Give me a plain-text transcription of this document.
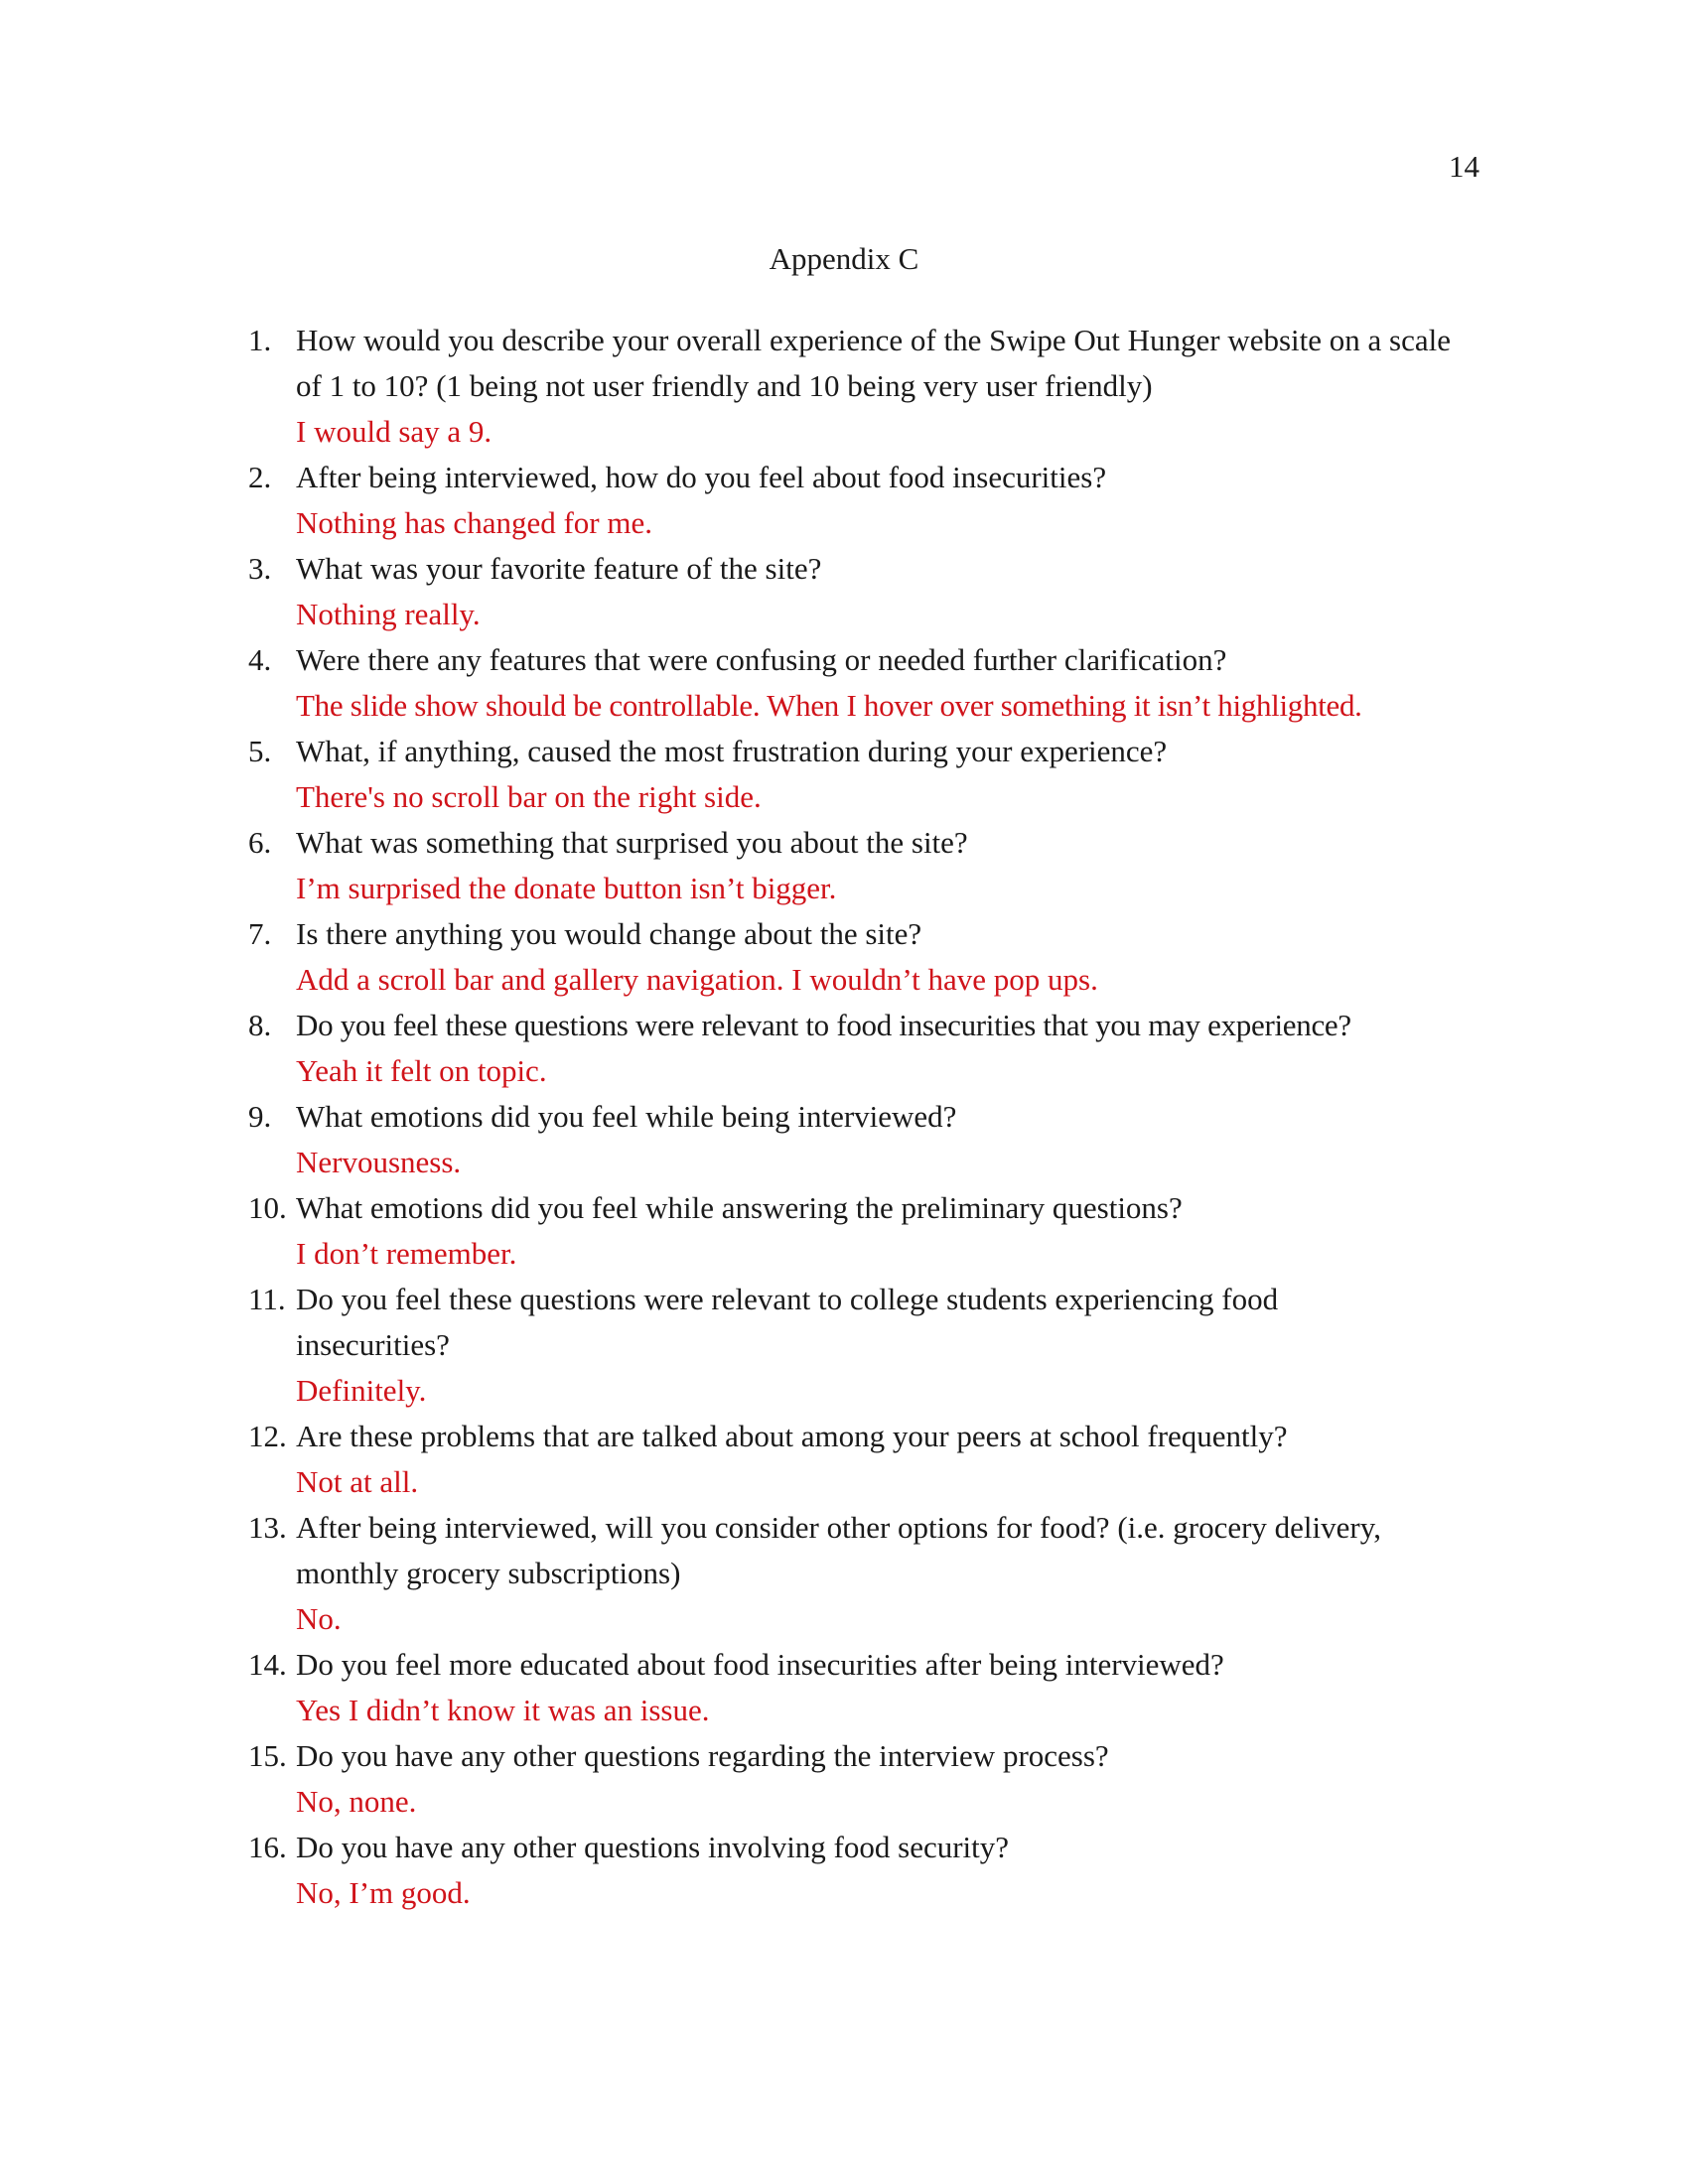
14
Appendix C
1. How would you describe your overall experience of the Swipe Out Hunger website on a scale of 1 to 10? (1 being not user friendly and 10 being very user friendly)
I would say a 9.
2. After being interviewed, how do you feel about food insecurities?
Nothing has changed for me.
3. What was your favorite feature of the site?
Nothing really.
4. Were there any features that were confusing or needed further clarification?
The slide show should be controllable. When I hover over something it isn’t highlighted.
5. What, if anything, caused the most frustration during your experience?
There's no scroll bar on the right side.
6. What was something that surprised you about the site?
I’m surprised the donate button isn’t bigger.
7. Is there anything you would change about the site?
Add a scroll bar and gallery navigation. I wouldn’t have pop ups.
8. Do you feel these questions were relevant to food insecurities that you may experience?
Yeah it felt on topic.
9. What emotions did you feel while being interviewed?
Nervousness.
10. What emotions did you feel while answering the preliminary questions?
I don’t remember.
11. Do you feel these questions were relevant to college students experiencing food insecurities?
Definitely.
12. Are these problems that are talked about among your peers at school frequently?
Not at all.
13. After being interviewed, will you consider other options for food? (i.e. grocery delivery, monthly grocery subscriptions)
No.
14. Do you feel more educated about food insecurities after being interviewed?
Yes I didn’t know it was an issue.
15. Do you have any other questions regarding the interview process?
No, none.
16. Do you have any other questions involving food security?
No, I’m good.
